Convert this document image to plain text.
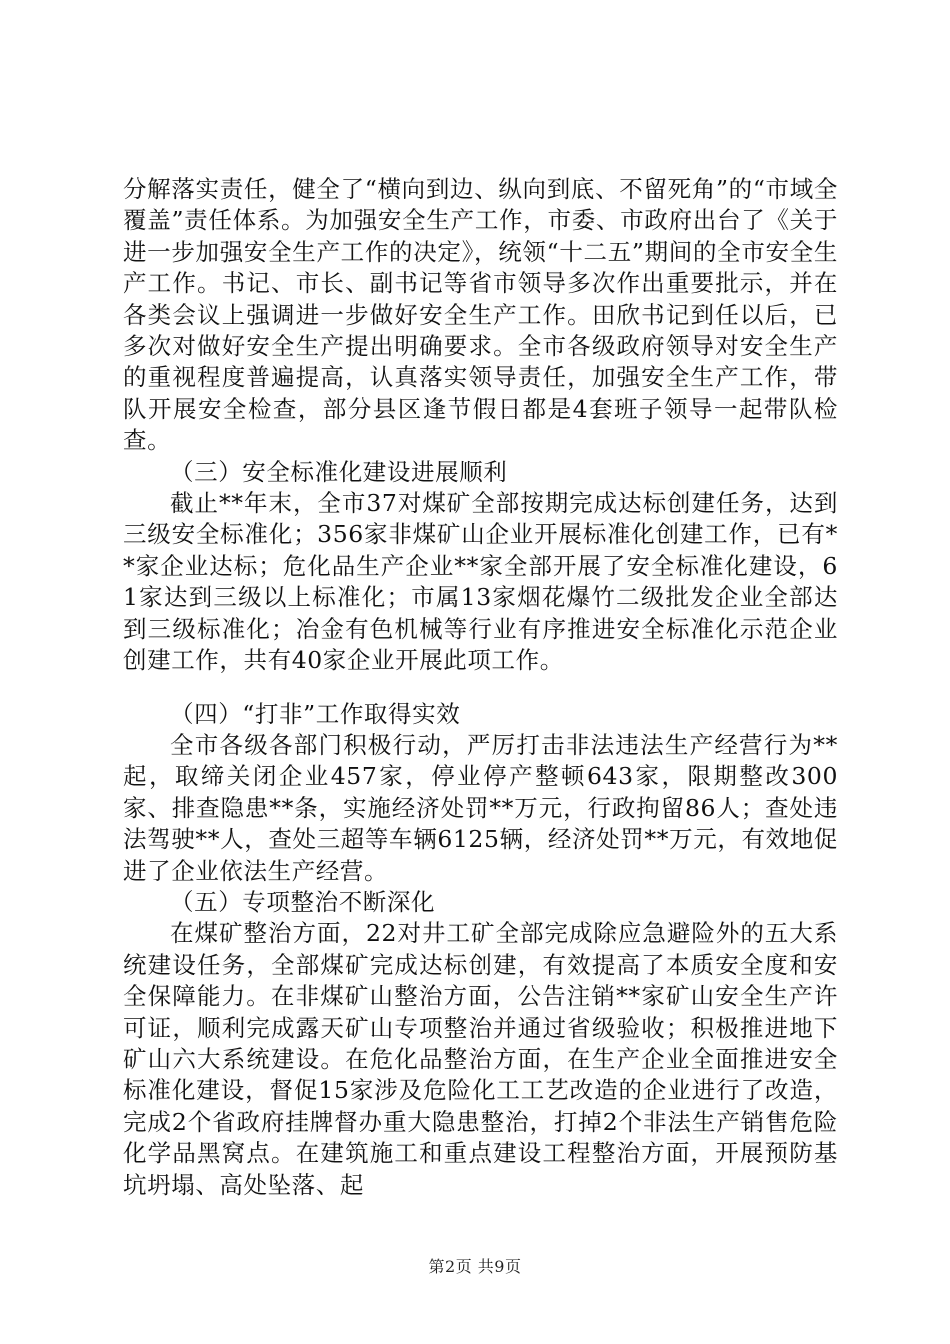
分解落实责任，健全了“横向到边、纵向到底、不留死角”的“市域全覆盖”责任体系。为加强安全生产工作，市委、市政府出台了《关于进一步加强安全生产工作的决定》，统领“十二五”期间的全市安全生产工作。书记、市长、副书记等省市领导多次作出重要批示，并在各类会议上强调进一步做好安全生产工作。田欣书记到任以后，已多次对做好安全生产提出明确要求。全市各级政府领导对安全生产的重视程度普遍提高，认真落实领导责任，加强安全生产工作，带队开展安全检查，部分县区逢节假日都是4套班子领导一起带队检查。

（三）安全标准化建设进展顺利

截止**年末，全市37对煤矿全部按期完成达标创建任务，达到三级安全标准化；356家非煤矿山企业开展标准化创建工作，已有**家企业达标；危化品生产企业**家全部开展了安全标准化建设，61家达到三级以上标准化；市属13家烟花爆竹二级批发企业全部达到三级标准化；冶金有色机械等行业有序推进安全标准化示范企业创建工作，共有40家企业开展此项工作。

（四）“打非”工作取得实效

全市各级各部门积极行动，严厉打击非法违法生产经营行为**起，取缔关闭企业457家，停业停产整顿643家，限期整改300家、排查隐患**条，实施经济处罚**万元，行政拘留86人；查处违法驾驶**人，查处三超等车辆6125辆，经济处罚**万元，有效地促进了企业依法生产经营。

（五）专项整治不断深化

在煤矿整治方面，22对井工矿全部完成除应急避险外的五大系统建设任务，全部煤矿完成达标创建，有效提高了本质安全度和安全保障能力。在非煤矿山整治方面，公告注销**家矿山安全生产许可证，顺利完成露天矿山专项整治并通过省级验收；积极推进地下矿山六大系统建设。在危化品整治方面，在生产企业全面推进安全标准化建设，督促15家涉及危险化工工艺改造的企业进行了改造，完成2个省政府挂牌督办重大隐患整治，打掉2个非法生产销售危险化学品黑窝点。在建筑施工和重点建设工程整治方面，开展预防基坑坍塌、高处坠落、起

第2页 共9页
